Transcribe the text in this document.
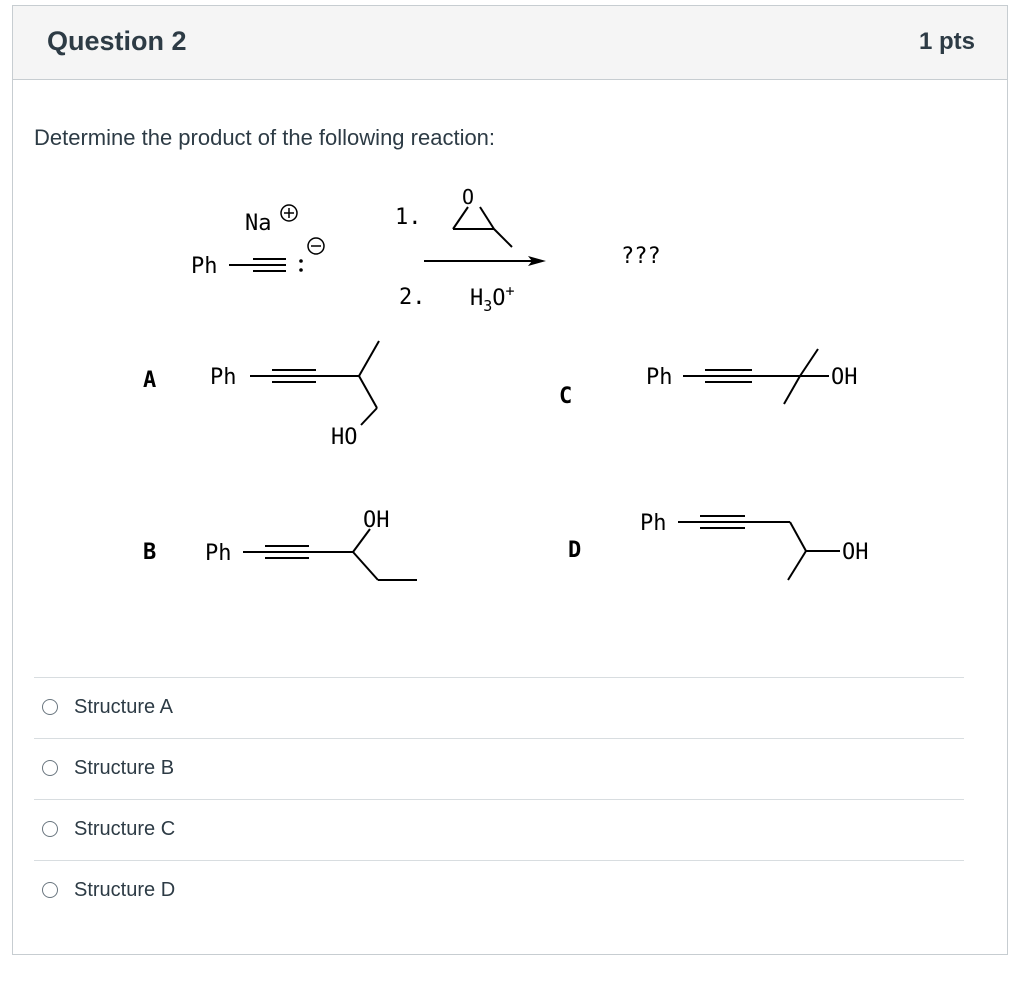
Question 2	1 pts
Determine the product of the following reaction:
Ph
Na	1.
O
2. $H_3O^+$
???
A Ph
HO
B Ph
OH
C
Ph	OH
D
Ph
OH
Structure A
Structure B
Structure C
Structure D
